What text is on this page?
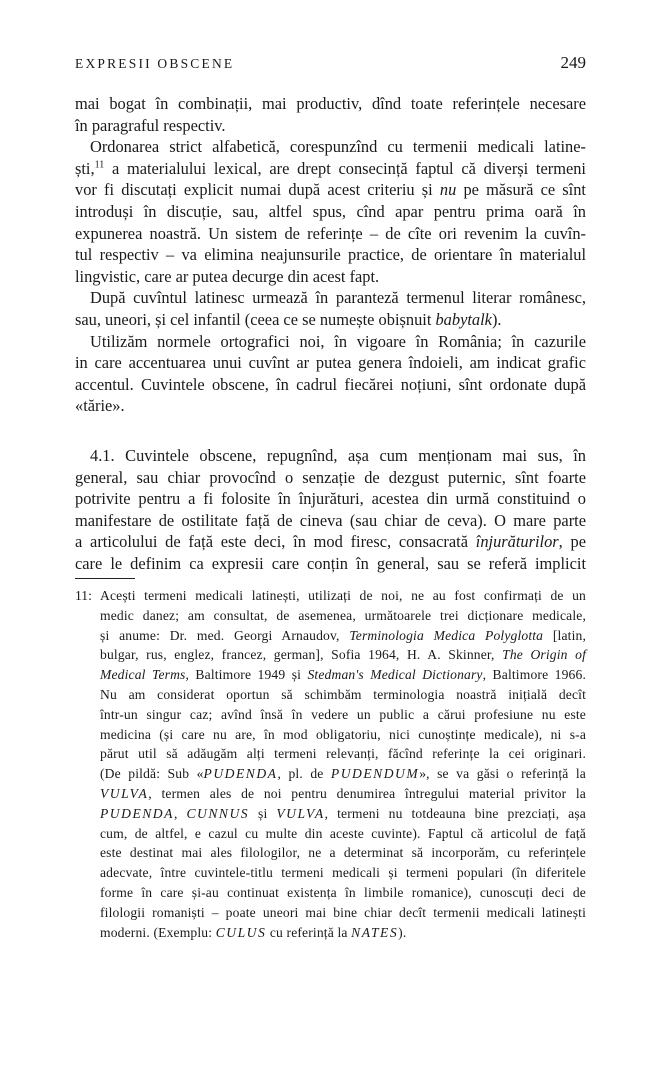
EXPRESII OBSCENE	249

mai bogat în combinații, mai productiv, dînd toate referințele necesare
în paragraful respectiv.

Ordonarea strict alfabetică, corespunzînd cu termenii medicali latine-
ști,$^{11}$ a materialului lexical, are drept consecință faptul că diverși termeni
vor fi discutați explicit numai după acest criteriu și nu pe măsură ce sînt
introduși în discuție, sau, altfel spus, cînd apar pentru prima oară în
expunerea noastră. Un sistem de referințe – de cîte ori revenim la cuvîn-
tul respectiv – va elimina neajunsurile practice, de orientare în materialul
lingvistic, care ar putea decurge din acest fapt.

După cuvîntul latinesc urmează în paranteză termenul literar românesc,
sau, uneori, și cel infantil (ceea ce se numește obișnuit babytalk).

Utilizăm normele ortografici noi, în vigoare în România; în cazurile
in care accentuarea unui cuvînt ar putea genera îndoieli, am indicat grafic
accentul. Cuvintele obscene, în cadrul fiecărei noțiuni, sînt ordonate după
«tărie».

4.1. Cuvintele obscene, repugnînd, așa cum menționam mai sus, în
general, sau chiar provocînd o senzație de dezgust puternic, sînt foarte
potrivite pentru a fi folosite în înjurături, acestea din urmă constituind o
manifestare de ostilitate față de cineva (sau chiar de ceva). O mare parte
a articolului de față este deci, în mod firesc, consacrată înjurăturilor, pe
care le definim ca expresii care conțin în general, sau se referă implicit

11: Acești termeni medicali latinești, utilizați de noi, ne au fost confirmați de un
medic danez; am consultat, de asemenea, următoarele trei dicționare medicale,
și anume: Dr. med. Georgi Arnaudov, Terminologia Medica Polyglotta [latin,
bulgar, rus, englez, francez, german], Sofia 1964, H. A. Skinner, The Origin of
Medical Terms, Baltimore 1949 și Stedman's Medical Dictionary, Baltimore 1966.
Nu am considerat oportun să schimbăm terminologia noastră inițială decît
într-un singur caz; avînd însă în vedere un public a cărui profesiune nu este
medicina (și care nu are, în mod obligatoriu, nici cunoștințe medicale), ni s-a
părut util să adăugăm alți termeni relevanți, făcînd referințe la cei originari.
(De pildă: Sub «PUDENDA, pl. de PUDENDUM», se va găsi o referință la
VULVA, termen ales de noi pentru denumirea întregului material privitor la
PUDENDA, CUNNUS și VULVA, termeni nu totdeauna bine prezciați, așa
cum, de altfel, e cazul cu multe din aceste cuvinte). Faptul că articolul de față
este destinat mai ales filologilor, ne a determinat să incorporăm, cu referințele
adecvate, între cuvintele-titlu termeni medicali și termeni populari (în diferitele
forme în care și-au continuat existența în limbile romanice), cunoscuți deci de
filologii romaniști – poate uneori mai bine chiar decît termenii medicali latinești
moderni. (Exemplu: CULUS cu referință la NATES).
